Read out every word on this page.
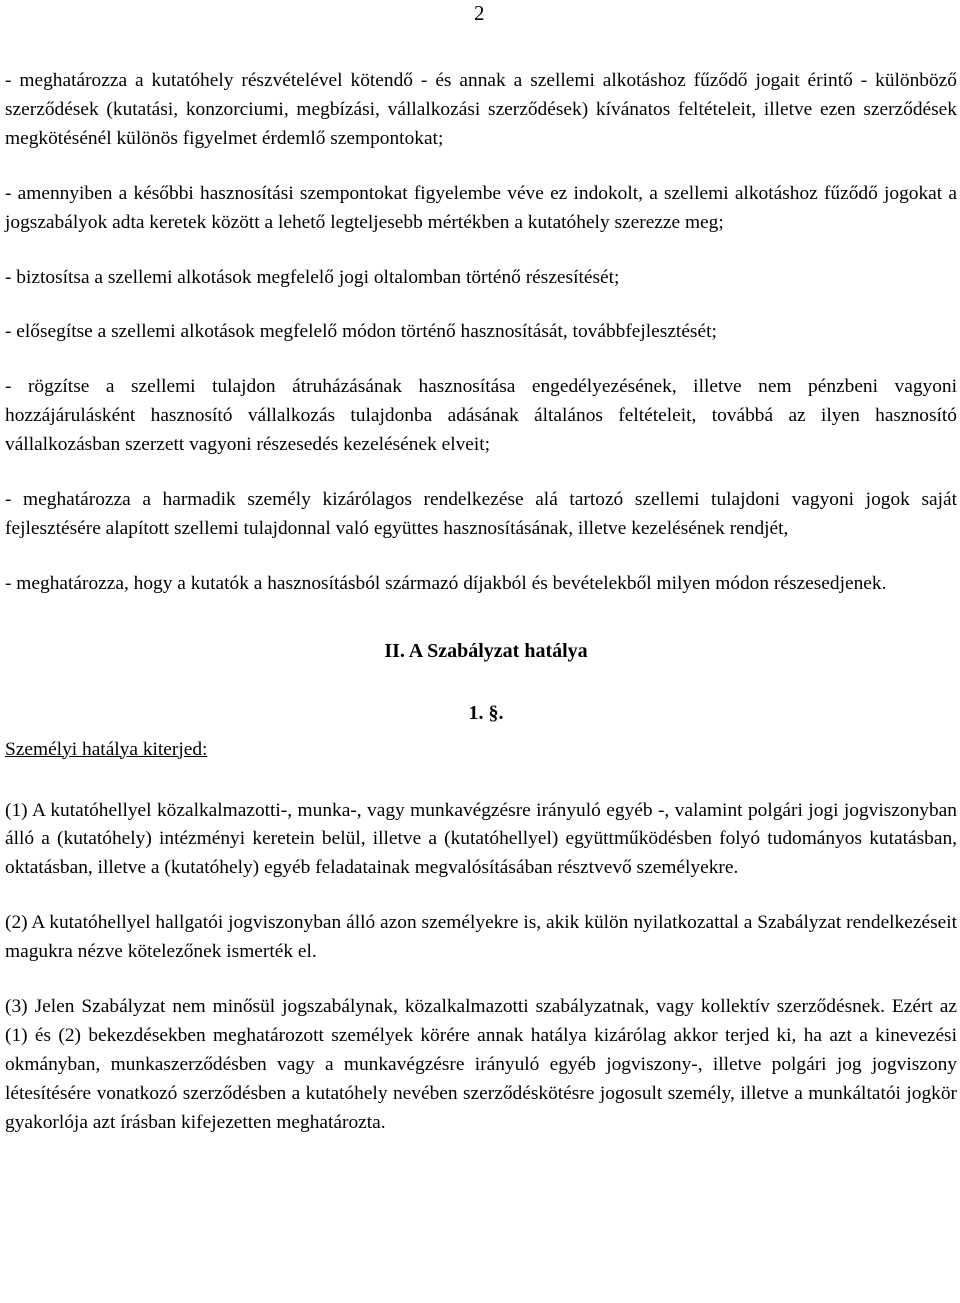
2

- meghatározza a kutatóhely részvételével kötendő - és annak a szellemi alkotáshoz fűződő jogait érintő - különböző szerződések (kutatási, konzorciumi, megbízási, vállalkozási szerződések) kívánatos feltételeit, illetve ezen szerződések megkötésénél különös figyelmet érdemlő szempontokat;

- amennyiben a későbbi hasznosítási szempontokat figyelembe véve ez indokolt, a szellemi alkotáshoz fűződő jogokat a jogszabályok adta keretek között a lehető legteljesebb mértékben a kutatóhely szerezze meg;

- biztosítsa a szellemi alkotások megfelelő jogi oltalomban történő részesítését;

- elősegítse a szellemi alkotások megfelelő módon történő hasznosítását, továbbfejlesztését;

- rögzítse a szellemi tulajdon átruházásának hasznosítása engedélyezésének, illetve nem pénzbeni vagyoni hozzájárulásként hasznosító vállalkozás tulajdonba adásának általános feltételeit, továbbá az ilyen hasznosító vállalkozásban szerzett vagyoni részesedés kezelésének elveit;

- meghatározza a harmadik személy kizárólagos rendelkezése alá tartozó szellemi tulajdoni vagyoni jogok saját fejlesztésére alapított szellemi tulajdonnal való együttes hasznosításának, illetve kezelésének rendjét,

- meghatározza, hogy a kutatók a hasznosításból származó díjakból és bevételekből milyen módon részesedjenek.

II. A Szabályzat hatálya

1. §.

Személyi hatálya kiterjed:

(1) A kutatóhellyel közalkalmazotti-, munka-, vagy munkavégzésre irányuló egyéb -, valamint polgári jogi jogviszonyban álló a (kutatóhely) intézményi keretein belül, illetve a (kutatóhellyel) együttműködésben folyó tudományos kutatásban, oktatásban, illetve a (kutatóhely) egyéb feladatainak megvalósításában résztvevő személyekre.

(2) A kutatóhellyel hallgatói jogviszonyban álló azon személyekre is, akik külön nyilatkozattal a Szabályzat rendelkezéseit magukra nézve kötelezőnek ismerték el.

(3) Jelen Szabályzat nem minősül jogszabálynak, közalkalmazotti szabályzatnak, vagy kollektív szerződésnek. Ezért az (1) és (2) bekezdésekben meghatározott személyek körére annak hatálya kizárólag akkor terjed ki, ha azt a kinevezési okmányban, munkaszerződésben vagy a munkavégzésre irányuló egyéb jogviszony-, illetve polgári jog jogviszony létesítésére vonatkozó szerződésben a kutatóhely nevében szerződéskötésre jogosult személy, illetve a munkáltatói jogkör gyakorlója azt írásban kifejezetten meghatározta.
